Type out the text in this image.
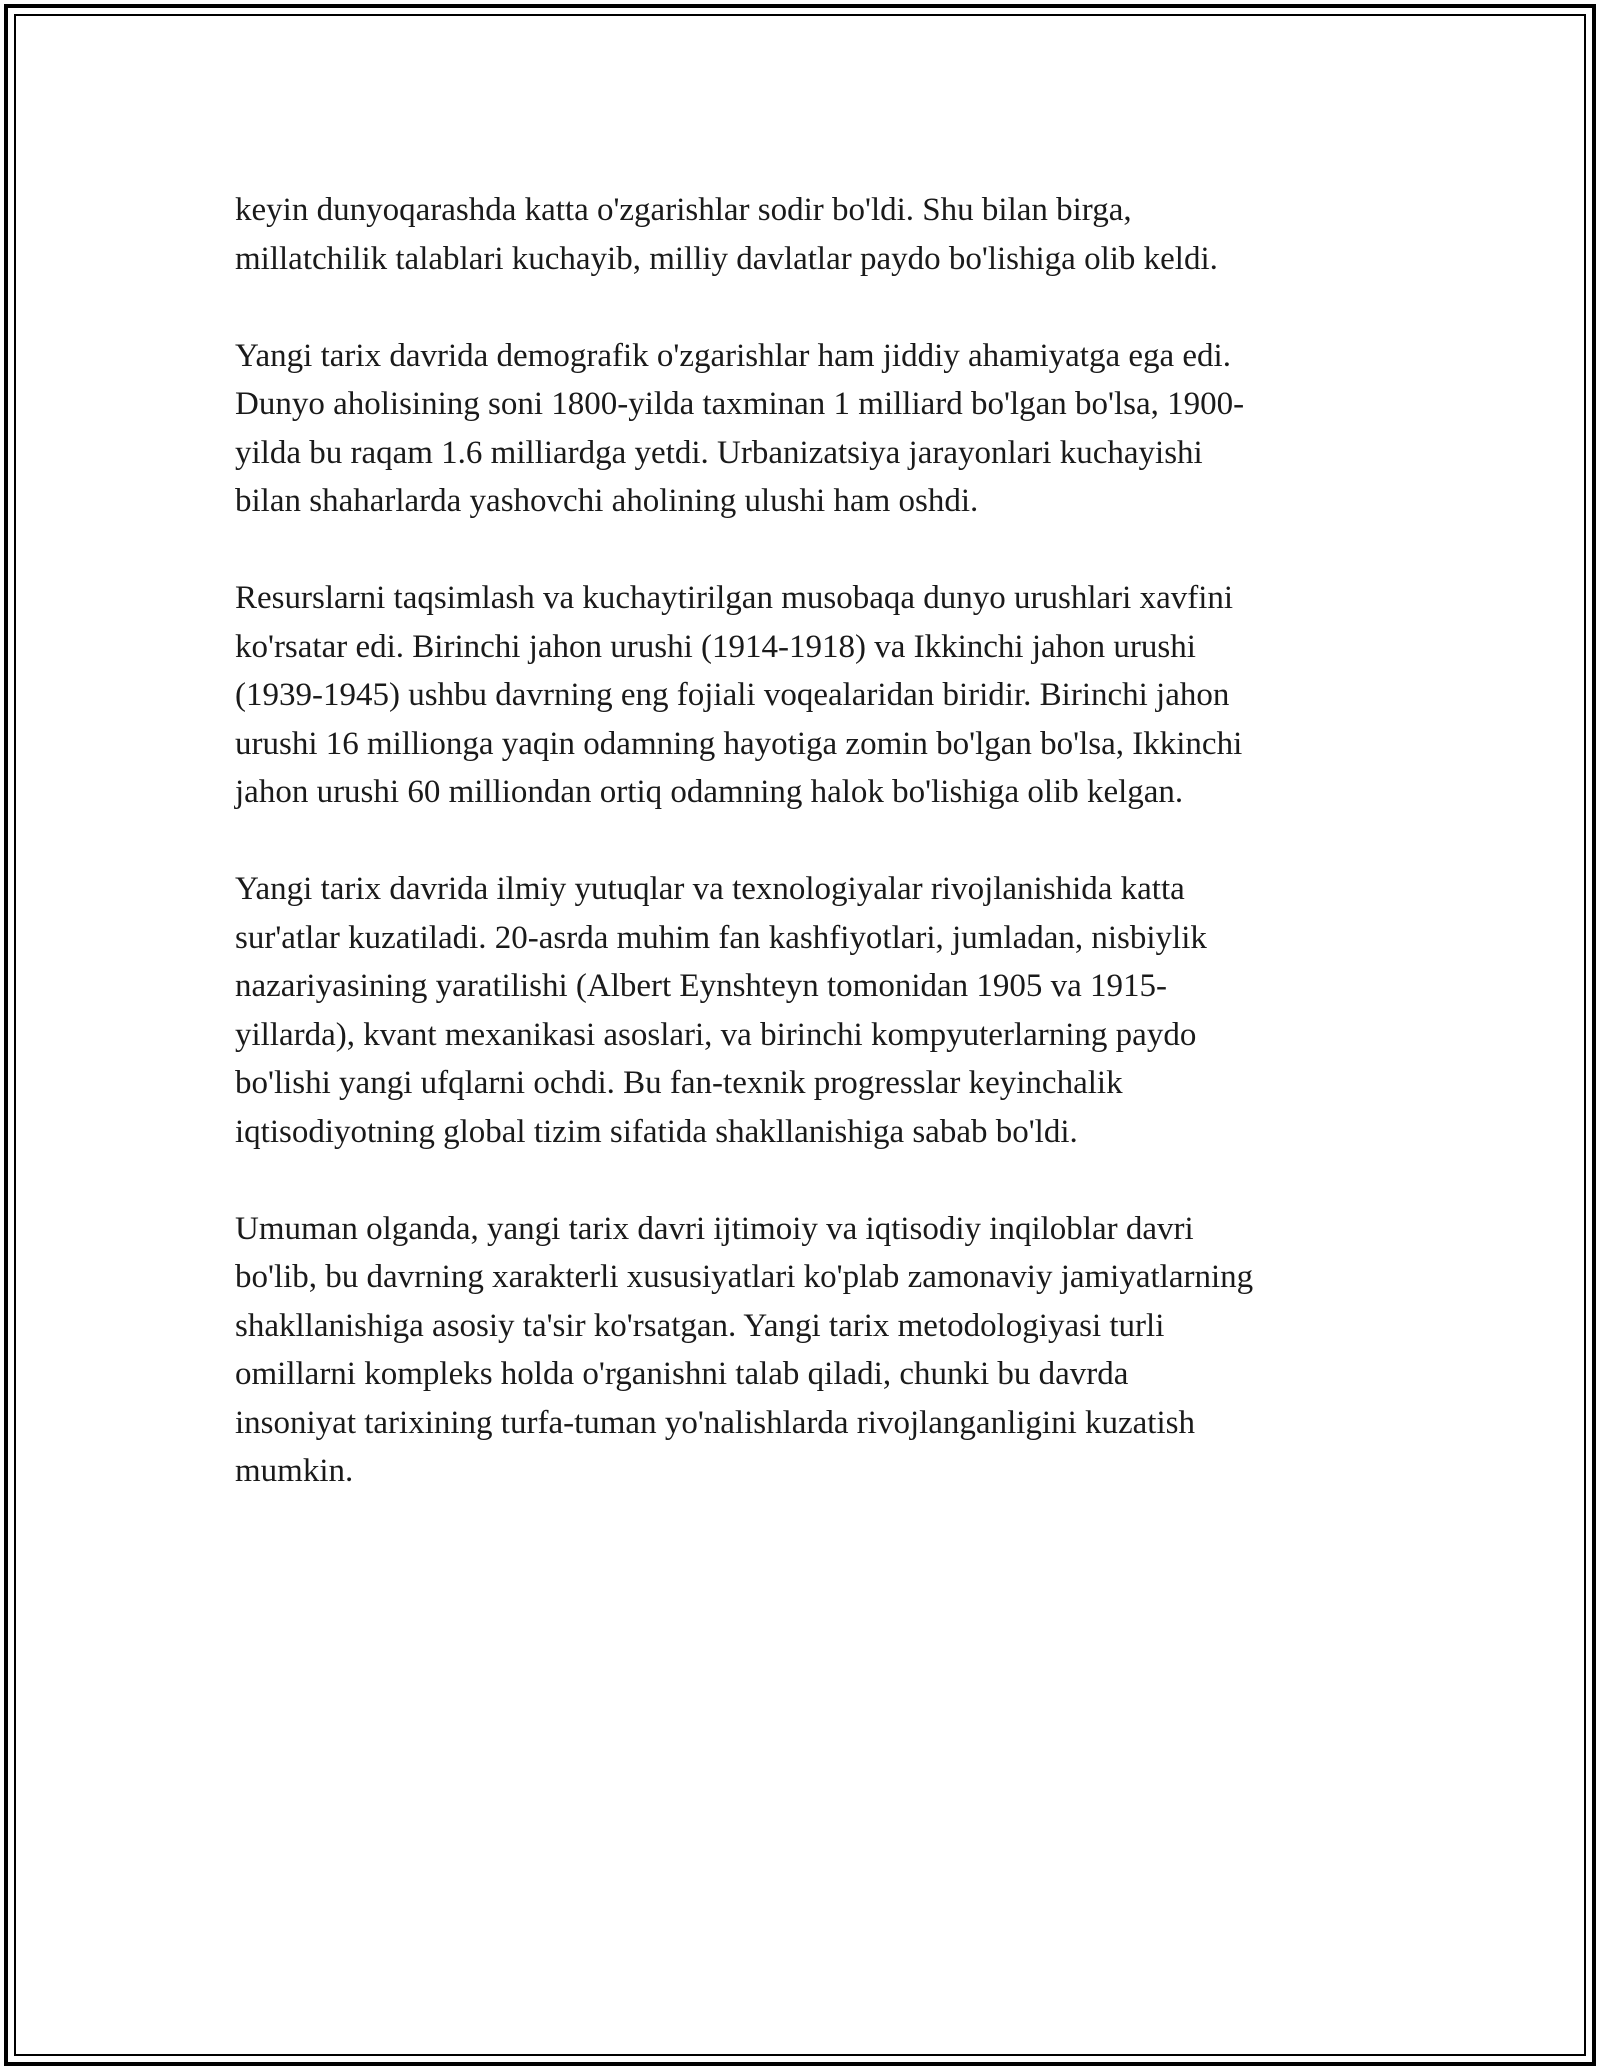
keyin dunyoqarashda katta o'zgarishlar sodir bo'ldi. Shu bilan birga,
millatchilik talablari kuchayib, milliy davlatlar paydo bo'lishiga olib keldi.

Yangi tarix davrida demografik o'zgarishlar ham jiddiy ahamiyatga ega edi.
Dunyo aholisining soni 1800-yilda taxminan 1 milliard bo'lgan bo'lsa, 1900-
yilda bu raqam 1.6 milliardga yetdi. Urbanizatsiya jarayonlari kuchayishi
bilan shaharlarda yashovchi aholining ulushi ham oshdi.

Resurslarni taqsimlash va kuchaytirilgan musobaqa dunyo urushlari xavfini
ko'rsatar edi. Birinchi jahon urushi (1914-1918) va Ikkinchi jahon urushi
(1939-1945) ushbu davrning eng fojiali voqealaridan biridir. Birinchi jahon
urushi 16 millionga yaqin odamning hayotiga zomin bo'lgan bo'lsa, Ikkinchi
jahon urushi 60 milliondan ortiq odamning halok bo'lishiga olib kelgan.

Yangi tarix davrida ilmiy yutuqlar va texnologiyalar rivojlanishida katta
sur'atlar kuzatiladi. 20-asrda muhim fan kashfiyotlari, jumladan, nisbiylik
nazariyasining yaratilishi (Albert Eynshteyn tomonidan 1905 va 1915-
yillarda), kvant mexanikasi asoslari, va birinchi kompyuterlarning paydo
bo'lishi yangi ufqlarni ochdi. Bu fan-texnik progresslar keyinchalik
iqtisodiyotning global tizim sifatida shakllanishiga sabab bo'ldi.

Umuman olganda, yangi tarix davri ijtimoiy va iqtisodiy inqiloblar davri
bo'lib, bu davrning xarakterli xususiyatlari ko'plab zamonaviy jamiyatlarning
shakllanishiga asosiy ta'sir ko'rsatgan. Yangi tarix metodologiyasi turli
omillarni kompleks holda o'rganishni talab qiladi, chunki bu davrda
insoniyat tarixining turfa-tuman yo'nalishlarda rivojlanganligini kuzatish
mumkin.
